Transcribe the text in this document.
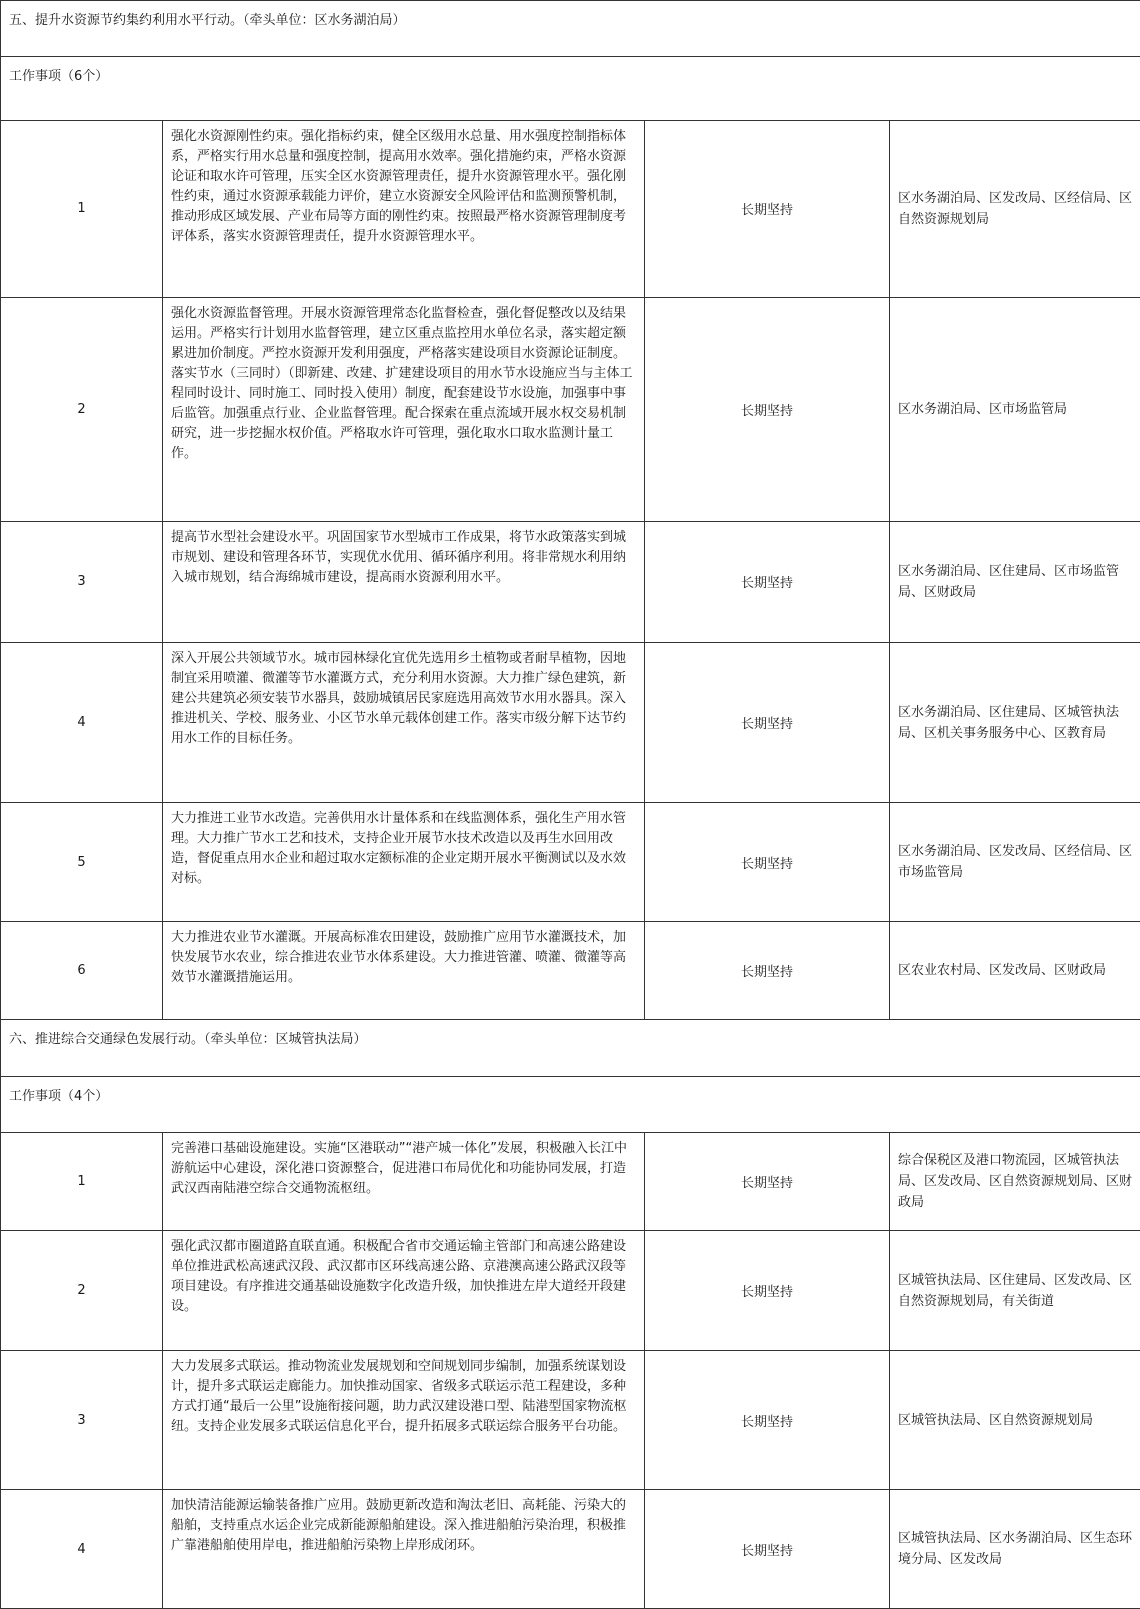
五、提升水资源节约集约利用水平行动。（牵头单位：区水务湖泊局）			
工作事项（6个）			
1	强化水资源刚性约束。强化指标约束，健全区级用水总量、用水强度控制指标体系，严格实行用水总量和强度控制，提高用水效率。强化措施约束，严格水资源论证和取水许可管理，压实全区水资源管理责任，提升水资源管理水平。强化刚性约束，通过水资源承载能力评价，建立水资源安全风险评估和监测预警机制，推动形成区域发展、产业布局等方面的刚性约束。按照最严格水资源管理制度考评体系，落实水资源管理责任，提升水资源管理水平。	长期坚持	区水务湖泊局、区发改局、区经信局、区自然资源规划局
2	强化水资源监督管理。开展水资源管理常态化监督检查，强化督促整改以及结果运用。严格实行计划用水监督管理，建立区重点监控用水单位名录，落实超定额累进加价制度。严控水资源开发利用强度，严格落实建设项目水资源论证制度。落实节水（三同时）（即新建、改建、扩建建设项目的用水节水设施应当与主体工程同时设计、同时施工、同时投入使用）制度，配套建设节水设施，加强事中事后监管。加强重点行业、企业监督管理。配合探索在重点流域开展水权交易机制研究，进一步挖掘水权价值。严格取水许可管理，强化取水口取水监测计量工作。	长期坚持	区水务湖泊局、区市场监管局
3	提高节水型社会建设水平。巩固国家节水型城市工作成果，将节水政策落实到城市规划、建设和管理各环节，实现优水优用、循环循序利用。将非常规水利用纳入城市规划，结合海绵城市建设，提高雨水资源利用水平。	长期坚持	区水务湖泊局、区住建局、区市场监管局、区财政局
4	深入开展公共领域节水。城市园林绿化宜优先选用乡土植物或者耐旱植物，因地制宜采用喷灌、微灌等节水灌溉方式，充分利用水资源。大力推广绿色建筑，新建公共建筑必须安装节水器具，鼓励城镇居民家庭选用高效节水用水器具。深入推进机关、学校、服务业、小区节水单元载体创建工作。落实市级分解下达节约用水工作的目标任务。	长期坚持	区水务湖泊局、区住建局、区城管执法局、区机关事务服务中心、区教育局
5	大力推进工业节水改造。完善供用水计量体系和在线监测体系，强化生产用水管理。大力推广节水工艺和技术，支持企业开展节水技术改造以及再生水回用改造，督促重点用水企业和超过取水定额标准的企业定期开展水平衡测试以及水效对标。	长期坚持	区水务湖泊局、区发改局、区经信局、区市场监管局
6	大力推进农业节水灌溉。开展高标准农田建设，鼓励推广应用节水灌溉技术，加快发展节水农业，综合推进农业节水体系建设。大力推进管灌、喷灌、微灌等高效节水灌溉措施运用。	长期坚持	区农业农村局、区发改局、区财政局
六、推进综合交通绿色发展行动。（牵头单位：区城管执法局）			
工作事项（4个）			
1	完善港口基础设施建设。实施“区港联动”“港产城一体化”发展，积极融入长江中游航运中心建设，深化港口资源整合，促进港口布局优化和功能协同发展，打造武汉西南陆港空综合交通物流枢纽。	长期坚持	综合保税区及港口物流园，区城管执法局、区发改局、区自然资源规划局、区财政局
2	强化武汉都市圈道路直联直通。积极配合省市交通运输主管部门和高速公路建设单位推进武松高速武汉段、武汉都市区环线高速公路、京港澳高速公路武汉段等项目建设。有序推进交通基础设施数字化改造升级，加快推进左岸大道经开段建设。	长期坚持	区城管执法局、区住建局、区发改局、区自然资源规划局，有关街道
3	大力发展多式联运。推动物流业发展规划和空间规划同步编制，加强系统谋划设计，提升多式联运走廊能力。加快推动国家、省级多式联运示范工程建设，多种方式打通“最后一公里”设施衔接问题，助力武汉建设港口型、陆港型国家物流枢纽。支持企业发展多式联运信息化平台，提升拓展多式联运综合服务平台功能。	长期坚持	区城管执法局、区自然资源规划局
4	加快清洁能源运输装备推广应用。鼓励更新改造和淘汰老旧、高耗能、污染大的船舶，支持重点水运企业完成新能源船舶建设。深入推进船舶污染治理，积极推广靠港船舶使用岸电，推进船舶污染物上岸形成闭环。	长期坚持	区城管执法局、区水务湖泊局、区生态环境分局、区发改局
